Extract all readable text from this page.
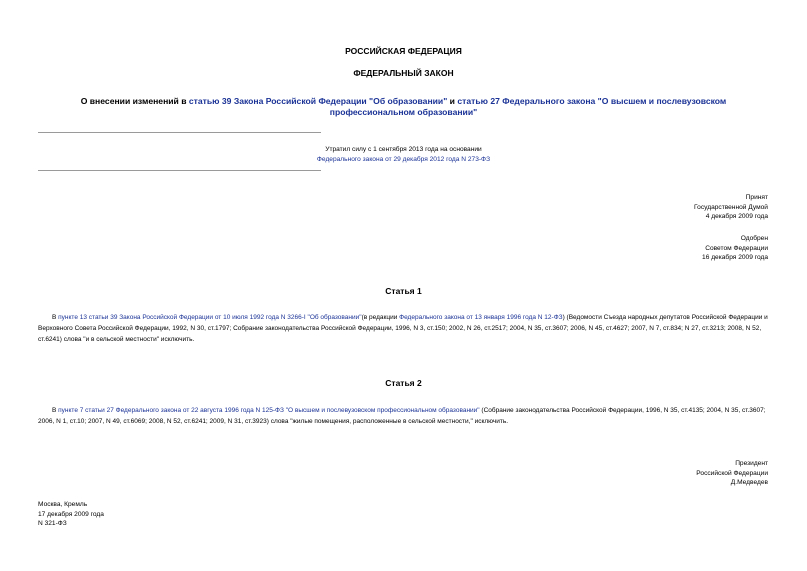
РОССИЙСКАЯ ФЕДЕРАЦИЯ
ФЕДЕРАЛЬНЫЙ ЗАКОН
О внесении изменений в статью 39 Закона Российской Федерации "Об образовании" и статью 27 Федерального закона "О высшем и послевузовском профессиональном образовании"
Утратил силу с 1 сентября 2013 года на основании
Федерального закона от 29 декабря 2012 года N 273-ФЗ
Принят
Государственной Думой
4 декабря 2009 года
Одобрен
Советом Федерации
16 декабря 2009 года
Статья 1
В пункте 13 статьи 39 Закона Российской Федерации от 10 июля 1992 года N 3266-I "Об образовании"(в редакции Федерального закона от 13 января 1996 года N 12-ФЗ) (Ведомости Съезда народных депутатов Российской Федерации и Верховного Совета Российской Федерации, 1992, N 30, ст.1797; Собрание законодательства Российской Федерации, 1996, N 3, ст.150; 2002, N 26, ст.2517; 2004, N 35, ст.3607; 2006, N 45, ст.4627; 2007, N 7, ст.834; N 27, ст.3213; 2008, N 52, ст.6241) слова "и в сельской местности" исключить.
Статья 2
В пункте 7 статьи 27 Федерального закона от 22 августа 1996 года N 125-ФЗ "О высшем и послевузовском профессиональном образовании" (Собрание законодательства Российской Федерации, 1996, N 35, ст.4135; 2004, N 35, ст.3607; 2006, N 1, ст.10; 2007, N 49, ст.6069; 2008, N 52, ст.6241; 2009, N 31, ст.3923) слова "жилые помещения, расположенные в сельской местности," исключить.
Президент
Российской Федерации
Д.Медведев
Москва, Кремль
17 декабря 2009 года
N 321-ФЗ
